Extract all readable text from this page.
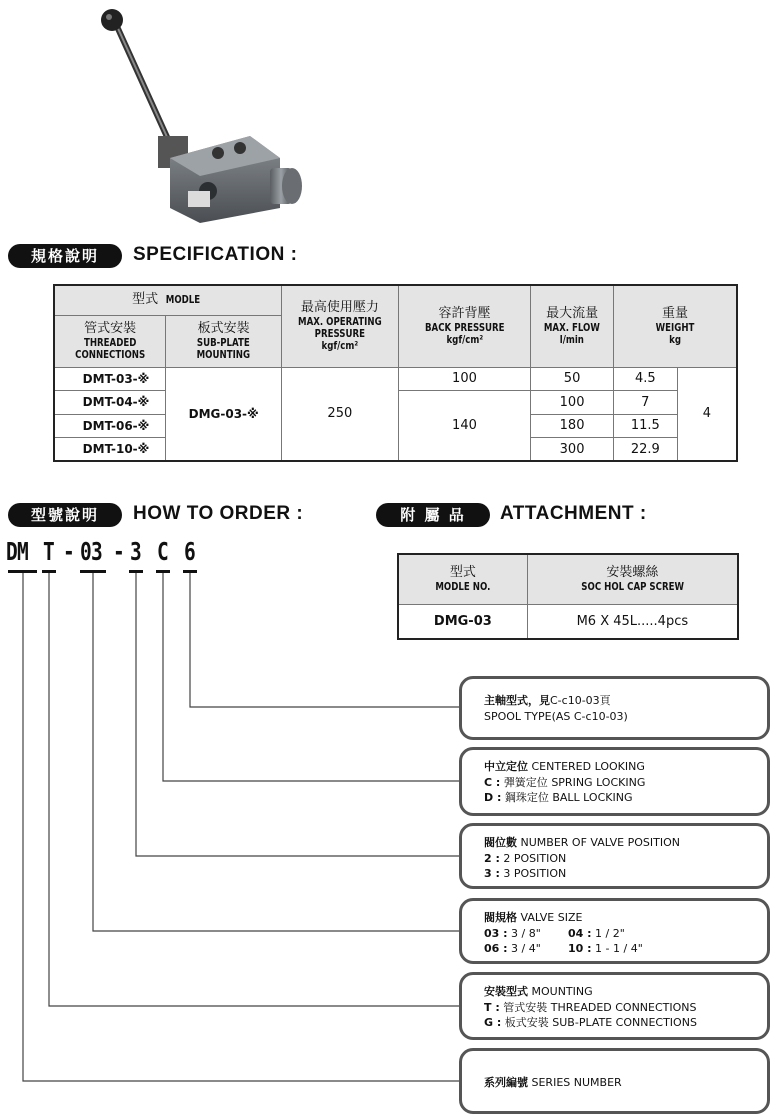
規格說明	SPECIFICATION :
型式 MODLE		最高使用壓力
MAX. OPERATING
PRESSURE
kgf/cm²	容許背壓
BACK PRESSURE
kgf/cm²	最大流量
MAX. FLOW
l/min	重量
WEIGHT
kg	

管式安裝
THREADED
CONNECTIONS	板式安裝
SUB-PLATE
MOUNTING					

DMT-03-※	DMG-03-※	250	100	50	4.5	4
DMT-04-※			140	100	7	
DMT-06-※				180	11.5	
DMT-10-※				300	22.9	
型號說明	HOW TO ORDER :	附 屬 品	ATTACHMENT :
DM T - 03 - 3 C 6
型式
MODLE NO.	安裝螺絲
SOC HOL CAP SCREW

DMG-03	M6 X 45L.....4pcs
主軸型式，見C-c10-03頁
SPOOL TYPE(AS C-c10-03)
中立定位 CENTERED LOOKING
C : 彈簧定位 SPRING LOCKING
D : 鋼珠定位 BALL LOCKING
閥位數 NUMBER OF VALVE POSITION
2 : 2 POSITION
3 : 3 POSITION
閥規格 VALVE SIZE
03 : 3 / 8" 04 : 1 / 2"
06 : 3 / 4" 10 : 1 - 1 / 4"
安裝型式 MOUNTING
T : 管式安裝 THREADED CONNECTIONS
G : 板式安裝 SUB-PLATE CONNECTIONS
系列編號 SERIES NUMBER
